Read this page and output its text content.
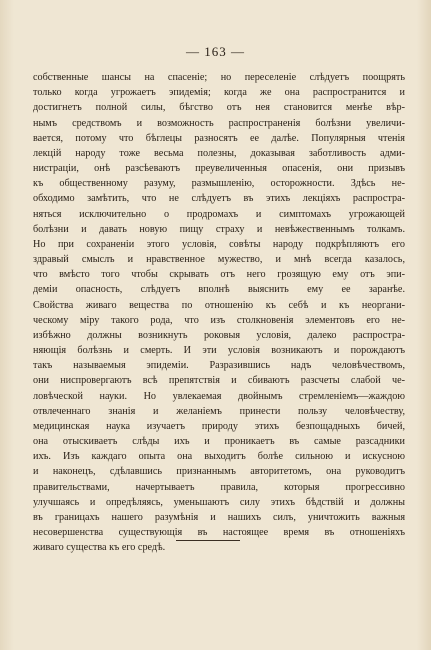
— 163 —
собственные шансы на спасеніе; но переселеніе слѣдуетъ поощрять
только когда угрожаетъ эпидемія; когда же она распространится и
достигнетъ полной силы, бѣгство отъ нея становится менѣе вѣр-
нымъ средствомъ и возможность распространенія болѣзни увеличи-
вается, потому что бѣглецы разносятъ ее далѣе. Популярныя чтенія
лекцій народу тоже весьма полезны, доказывая заботливость адми-
нистраціи, онѣ разсѣеваютъ преувеличенныя опасенія, они призывъ
къ общественному разуму, размышленію, осторожности. Здѣсь не-
обходимо замѣтить, что не слѣдуетъ въ этихъ лекціяхъ распростра-
няться исключительно о продромахъ и симптомахъ угрожающей
болѣзни и давать новую пищу страху и невѣжественнымъ толкамъ.
Но при сохраненіи этого условія, совѣты народу подкрѣпляютъ его
здравый смыслъ и нравственное мужество, и мнѣ всегда казалось,
что вмѣсто того чтобы скрывать отъ него грозящую ему отъ эпи-
деміи опасность, слѣдуетъ вполнѣ выяснить ему ее заранѣе.
Свойства живаго вещества по отношенію къ себѣ и къ неоргани-
ческому міру такого рода, что изъ столкновенія элементовъ его не-
избѣжно должны возникнуть роковыя условія, далеко распростра-
няющія болѣзнь и смерть. И эти условія возникаютъ и порождаютъ
такъ называемыя эпидеміи. Разразившись надъ человѣчествомъ,
они ниспровергаютъ всѣ препятствія и сбиваютъ разсчеты слабой че-
ловѣческой науки. Но увлекаемая двойнымъ стремленіемъ—жаждою
отвлеченнаго знанія и желаніемъ принести пользу человѣчеству,
медицинская наука изучаетъ природу этихъ безпощадныхъ бичей,
она отыскиваетъ слѣды ихъ и проникаетъ въ самые разсадники
ихъ. Изъ каждаго опыта она выходитъ болѣе сильною и искусною
и наконецъ, сдѣлавшись признаннымъ авторитетомъ, она руководитъ
правительствами, начертываетъ правила, которыя прогрессивно
улучшаясь и опредѣляясь, уменьшаютъ силу этихъ бѣдствій и должны
въ границахъ нашего разумѣнія и нашихъ силъ, уничтожить важныя
несовершенства существующія въ настоящее время въ отношеніяхъ
живаго существа къ его средѣ.
